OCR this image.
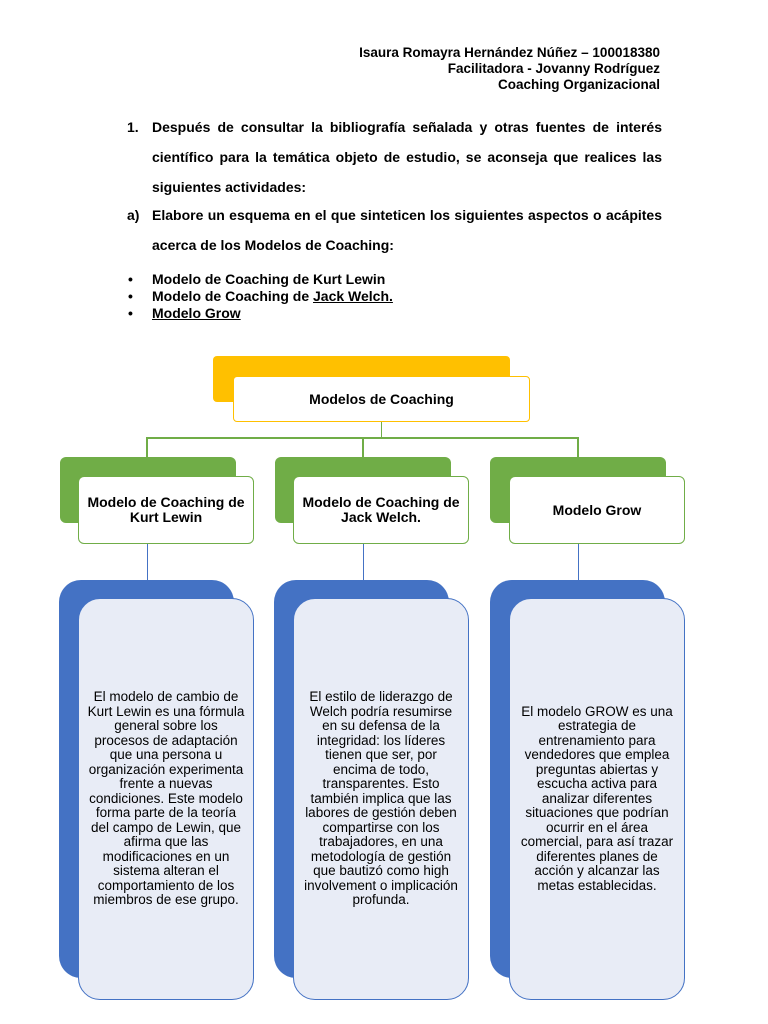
Isaura Romayra Hernández Núñez – 100018380
Facilitadora - Jovanny Rodríguez
Coaching Organizacional
1. Después de consultar la bibliografía señalada y otras fuentes de interés científico para la temática objeto de estudio, se aconseja que realices las siguientes actividades:
a) Elabore un esquema en el que sinteticen los siguientes aspectos o acápites acerca de los Modelos de Coaching:
• Modelo de Coaching de Kurt Lewin
• Modelo de Coaching de Jack Welch.
• Modelo Grow
Modelos de Coaching
Modelo de Coaching de Kurt Lewin
El modelo de cambio de Kurt Lewin es una fórmula general sobre los procesos de adaptación que una persona u organización experimenta frente a nuevas condiciones. Este modelo forma parte de la teoría del campo de Lewin, que afirma que las modificaciones en un sistema alteran el comportamiento de los miembros de ese grupo.
Modelo de Coaching de Jack Welch.
El estilo de liderazgo de Welch podría resumirse en su defensa de la integridad: los líderes tienen que ser, por encima de todo, transparentes. Esto también implica que las labores de gestión deben compartirse con los trabajadores, en una metodología de gestión que bautizó como high involvement o implicación profunda.
Modelo Grow
El modelo GROW es una estrategia de entrenamiento para vendedores que emplea preguntas abiertas y escucha activa para analizar diferentes situaciones que podrían ocurrir en el área comercial, para así trazar diferentes planes de acción y alcanzar las metas establecidas.
